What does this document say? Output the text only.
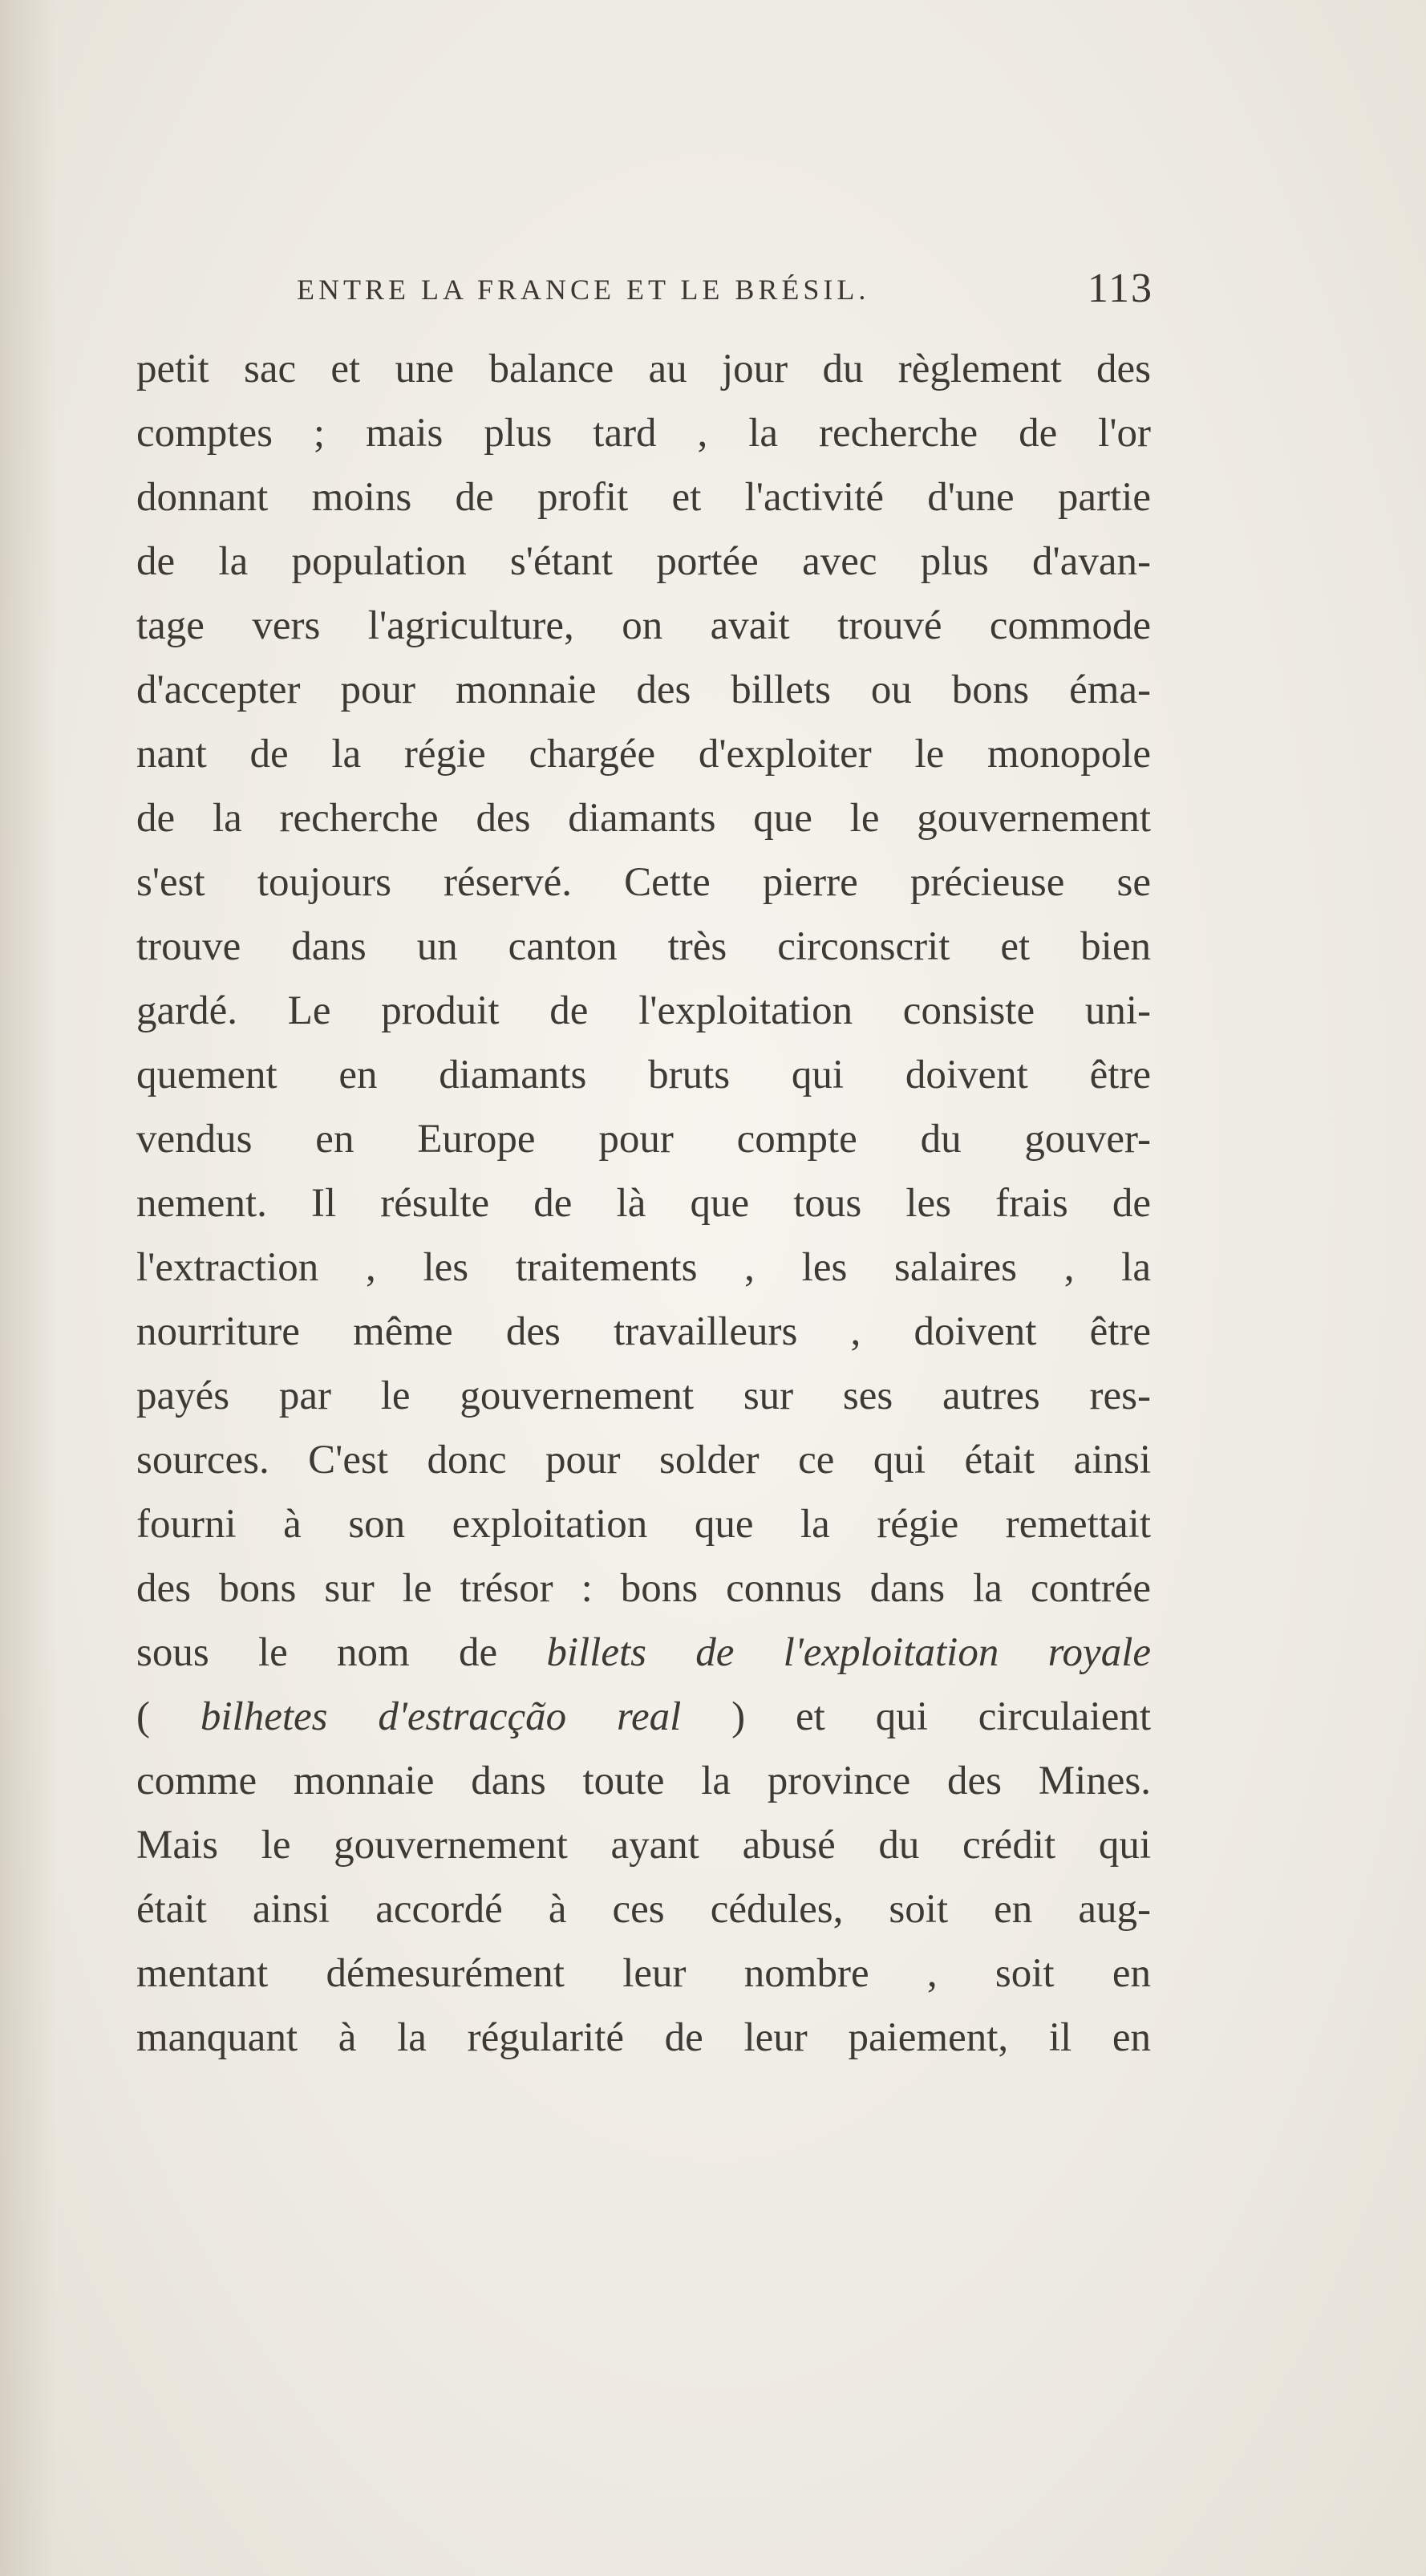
ENTRE LA FRANCE ET LE BRÉSIL.	113
petit sac et une balance au jour du règlement des
comptes ; mais plus tard , la recherche de l'or
donnant moins de profit et l'activité d'une partie
de la population s'étant portée avec plus d'avan-
tage vers l'agriculture, on avait trouvé commode
d'accepter pour monnaie des billets ou bons éma-
nant de la régie chargée d'exploiter le monopole
de la recherche des diamants que le gouvernement
s'est toujours réservé. Cette pierre précieuse se
trouve dans un canton très circonscrit et bien
gardé. Le produit de l'exploitation consiste uni-
quement en diamants bruts qui doivent être
vendus en Europe pour compte du gouver-
nement. Il résulte de là que tous les frais de
l'extraction , les traitements , les salaires , la
nourriture même des travailleurs , doivent être
payés par le gouvernement sur ses autres res-
sources. C'est donc pour solder ce qui était ainsi
fourni à son exploitation que la régie remettait
des bons sur le trésor : bons connus dans la contrée
sous le nom de billets de l'exploitation royale
( bilhetes d'estracção real ) et qui circulaient
comme monnaie dans toute la province des Mines.
Mais le gouvernement ayant abusé du crédit qui
était ainsi accordé à ces cédules, soit en aug-
mentant démesurément leur nombre , soit en
manquant à la régularité de leur paiement, il en
